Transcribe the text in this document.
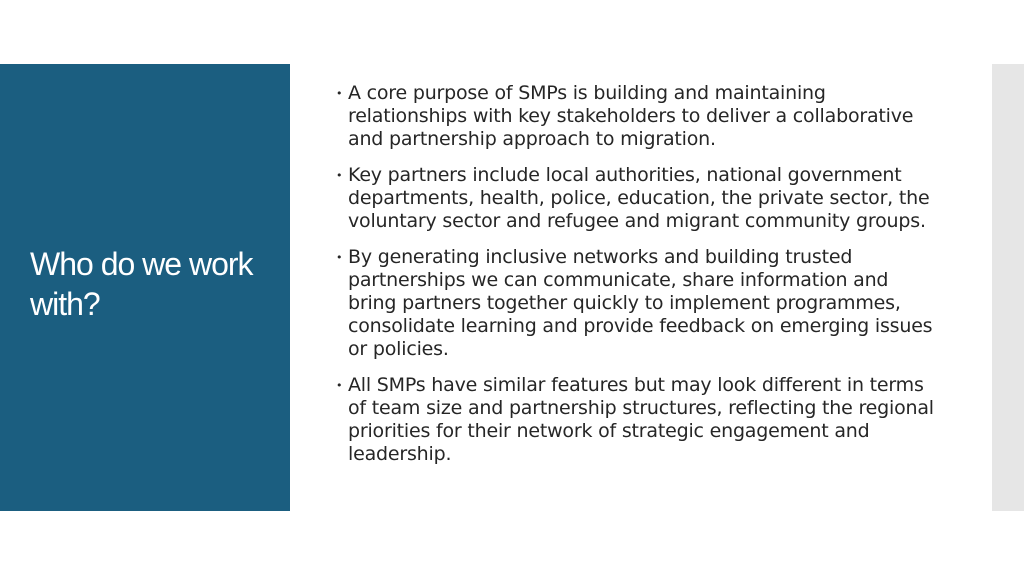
Who do we work with?
• A core purpose of SMPs is building and maintaining relationships with key stakeholders to deliver a collaborative and partnership approach to migration.
• Key partners include local authorities, national government departments, health, police, education, the private sector, the voluntary sector and refugee and migrant community groups.
• By generating inclusive networks and building trusted partnerships we can communicate, share information and bring partners together quickly to implement programmes, consolidate learning and provide feedback on emerging issues or policies.
• All SMPs have similar features but may look different in terms of team size and partnership structures, reflecting the regional priorities for their network of strategic engagement and leadership.
